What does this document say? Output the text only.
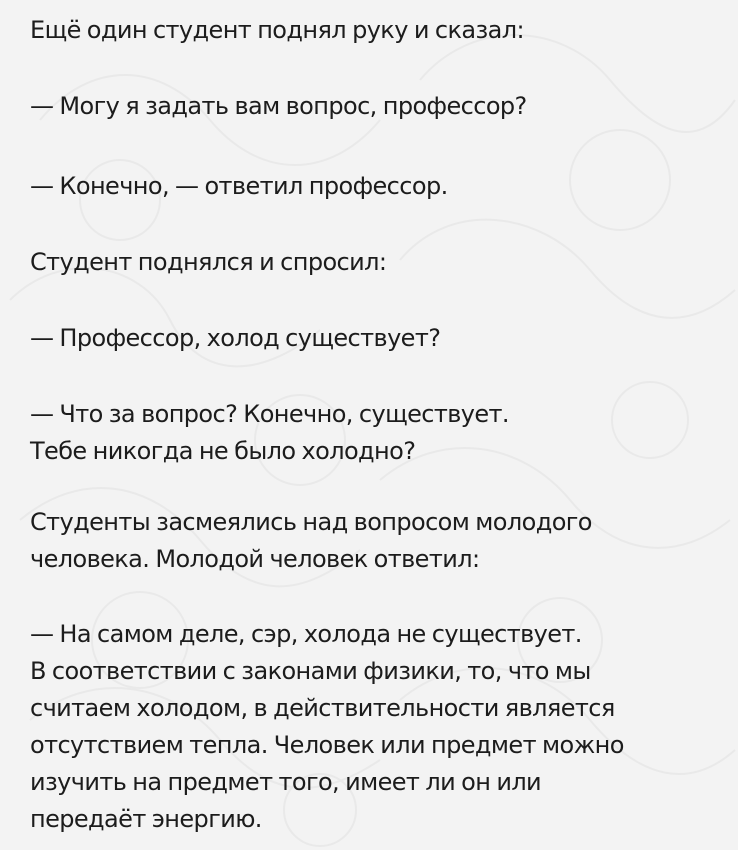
Ещё один студент поднял руку и сказал:
— Могу я задать вам вопрос, профессор?
— Конечно, — ответил профессор.
Студент поднялся и спросил:
— Профессор, холод существует?
— Что за вопрос? Конечно, существует.
Тебе никогда не было холодно?
Студенты засмеялись над вопросом молодого
человека. Молодой человек ответил:
— На самом деле, сэр, холода не существует.
В соответствии с законами физики, то, что мы
считаем холодом, в действительности является
отсутствием тепла. Человек или предмет можно
изучить на предмет того, имеет ли он или
передаёт энергию.
